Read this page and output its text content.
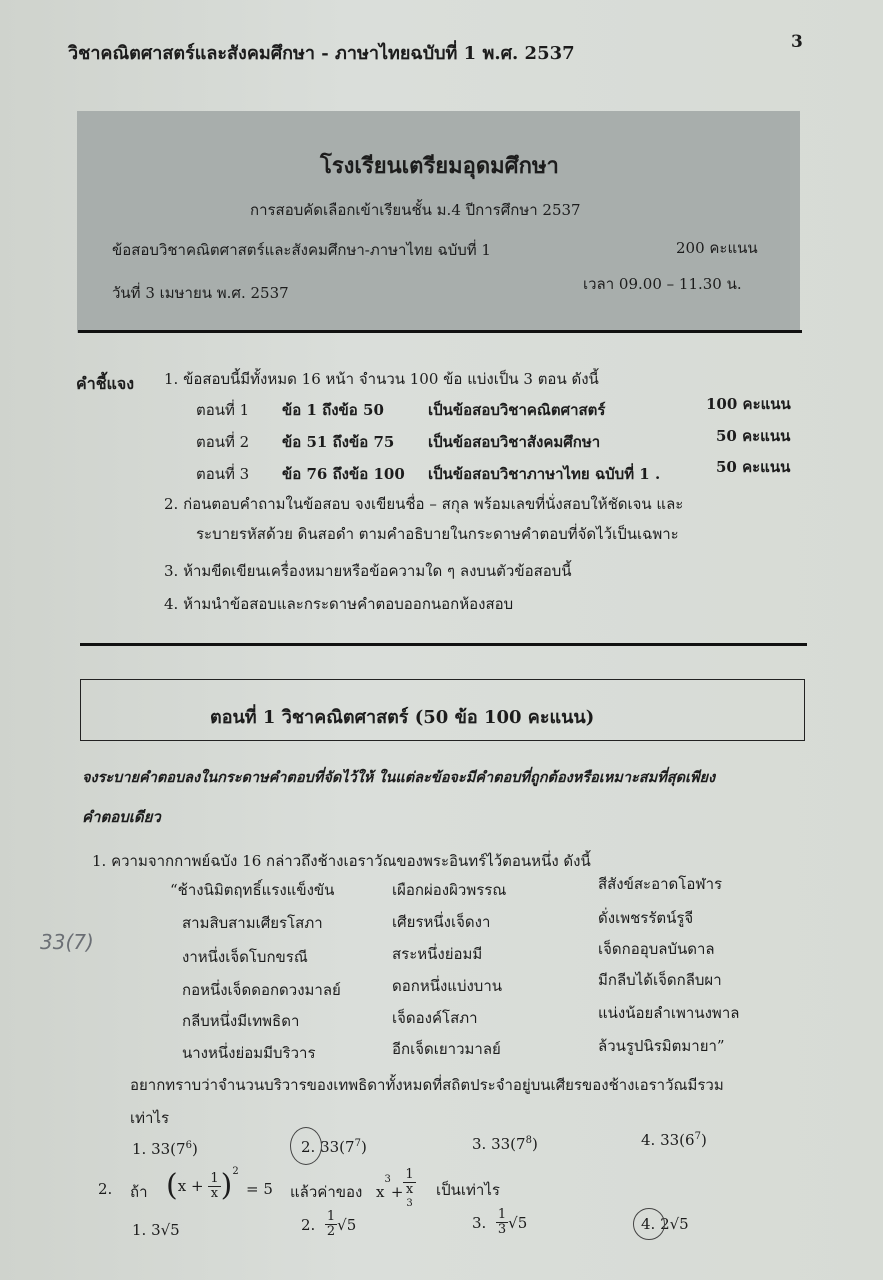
วิชาคณิตศาสตร์และสังคมศึกษา - ภาษาไทยฉบับที่ 1 พ.ศ. 2537
3
โรงเรียนเตรียมอุดมศึกษา
การสอบคัดเลือกเข้าเรียนชั้น ม.4 ปีการศึกษา 2537
ข้อสอบวิชาคณิตศาสตร์และสังคมศึกษา-ภาษาไทย ฉบับที่ 1	200 คะแนน
วันที่ 3 เมษายน พ.ศ. 2537	เวลา 09.00 – 11.30 น.
คำชี้แจง 1. ข้อสอบนี้มีทั้งหมด 16 หน้า จำนวน 100 ข้อ แบ่งเป็น 3 ตอน ดังนี้
ตอนที่ 1 ข้อ 1 ถึงข้อ 50	เป็นข้อสอบวิชาคณิตศาสตร์	100 คะแนน
ตอนที่ 2 ข้อ 51 ถึงข้อ 75 เป็นข้อสอบวิชาสังคมศึกษา	50 คะแนน
ตอนที่ 3 ข้อ 76 ถึงข้อ 100 เป็นข้อสอบวิชาภาษาไทย ฉบับที่ 1 .	50 คะแนน
2. ก่อนตอบคำถามในข้อสอบ จงเขียนชื่อ – สกุล พร้อมเลขที่นั่งสอบให้ชัดเจน และ
ระบายรหัสด้วย ดินสอดำ ตามคำอธิบายในกระดาษคำตอบที่จัดไว้เป็นเฉพาะ
3. ห้ามขีดเขียนเครื่องหมายหรือข้อความใด ๆ ลงบนตัวข้อสอบนี้
4. ห้ามนำข้อสอบและกระดาษคำตอบออกนอกห้องสอบ
ตอนที่ 1 วิชาคณิตศาสตร์ (50 ข้อ 100 คะแนน)
จงระบายคำตอบลงในกระดาษคำตอบที่จัดไว้ให้ ในแต่ละข้อจะมีคำตอบที่ถูกต้องหรือเหมาะสมที่สุดเพียง
คำตอบเดียว
1. ความจากกาพย์ฉบัง 16 กล่าวถึงช้างเอราวัณของพระอินทร์ไว้ตอนหนึ่ง ดังนี้
“ช้างนิมิตฤทธิ์แรงแข็งขัน	เผือกผ่องผิวพรรณ	สีสังข์สะอาดโอฬาร
สามสิบสามเศียรโสภา	เศียรหนึ่งเจ็ดงา	ดั่งเพชรรัตน์รูจี
งาหนึ่งเจ็ดโบกขรณี	สระหนึ่งย่อมมี	เจ็ดกออุบลบันดาล
กอหนึ่งเจ็ดดอกดวงมาลย์	ดอกหนึ่งแบ่งบาน	มีกลีบได้เจ็ดกลีบผา
กลีบหนึ่งมีเทพธิดา	เจ็ดองค์โสภา	แน่งน้อยลำเพานงพาล
นางหนึ่งย่อมมีบริวาร	อีกเจ็ดเยาวมาลย์	ล้วนรูปนิรมิตมายา”
33(7)
อยากทราบว่าจำนวนบริวารของเทพธิดาทั้งหมดที่สถิตประจำอยู่บนเศียรของช้างเอราวัณมีรวม
เท่าไร
1. $33(7^6)$	2. $33(7^7)$	3. $33(7^8)$	4. $33(6^7)$
2. ถ้า ( x
+
$\frac{1}{x} )^2$
= 5 แล้วค่าของ x
$^3$
+ 1
x
$^3$ เป็นเท่าไร
1. 3√5	2.
$\frac{1}{2} √5$	3.
$\frac{1}{3} √5$	4. 2√5
